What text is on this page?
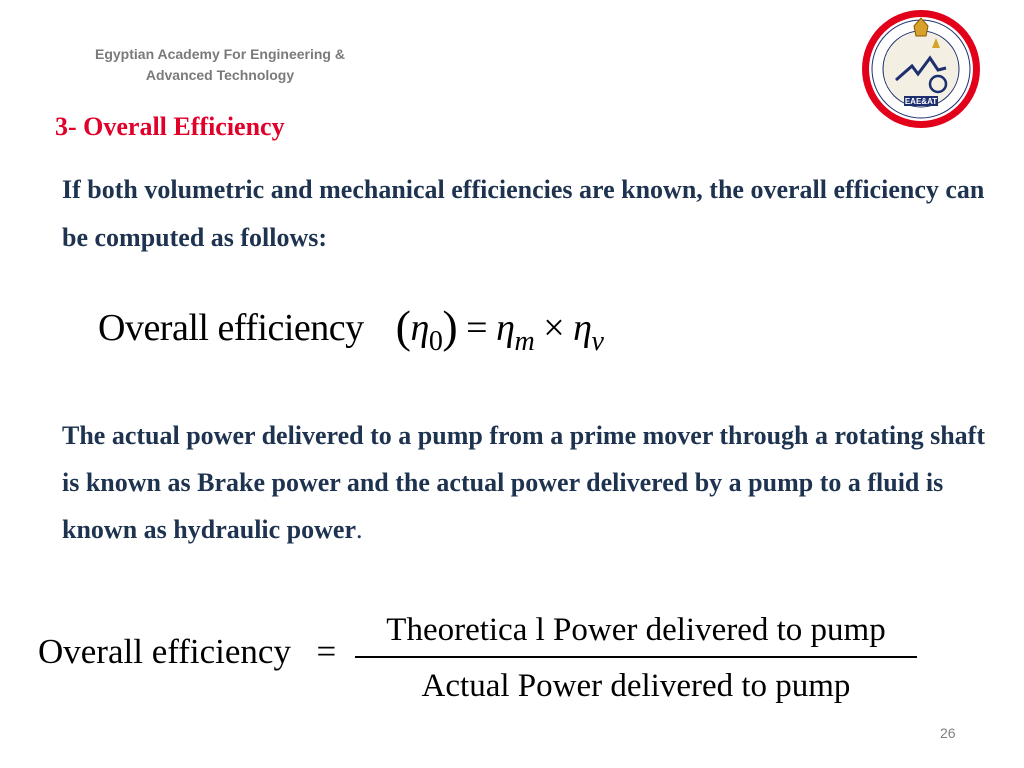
Egyptian Academy For Engineering &
Advanced Technology
EAE&AT
3- Overall Efficiency
If both volumetric and mechanical efficiencies are known, the overall efficiency can be computed as follows:
Overall efficiency $(\eta_0) = \eta_m \times \eta_v$
The actual power delivered to a pump from a prime mover through a rotating shaft is known as Brake power and the actual power delivered by a pump to a fluid is known as hydraulic power.
Overall efficiency =
Theoretica l Power delivered to pump
Actual Power delivered to pump
26
